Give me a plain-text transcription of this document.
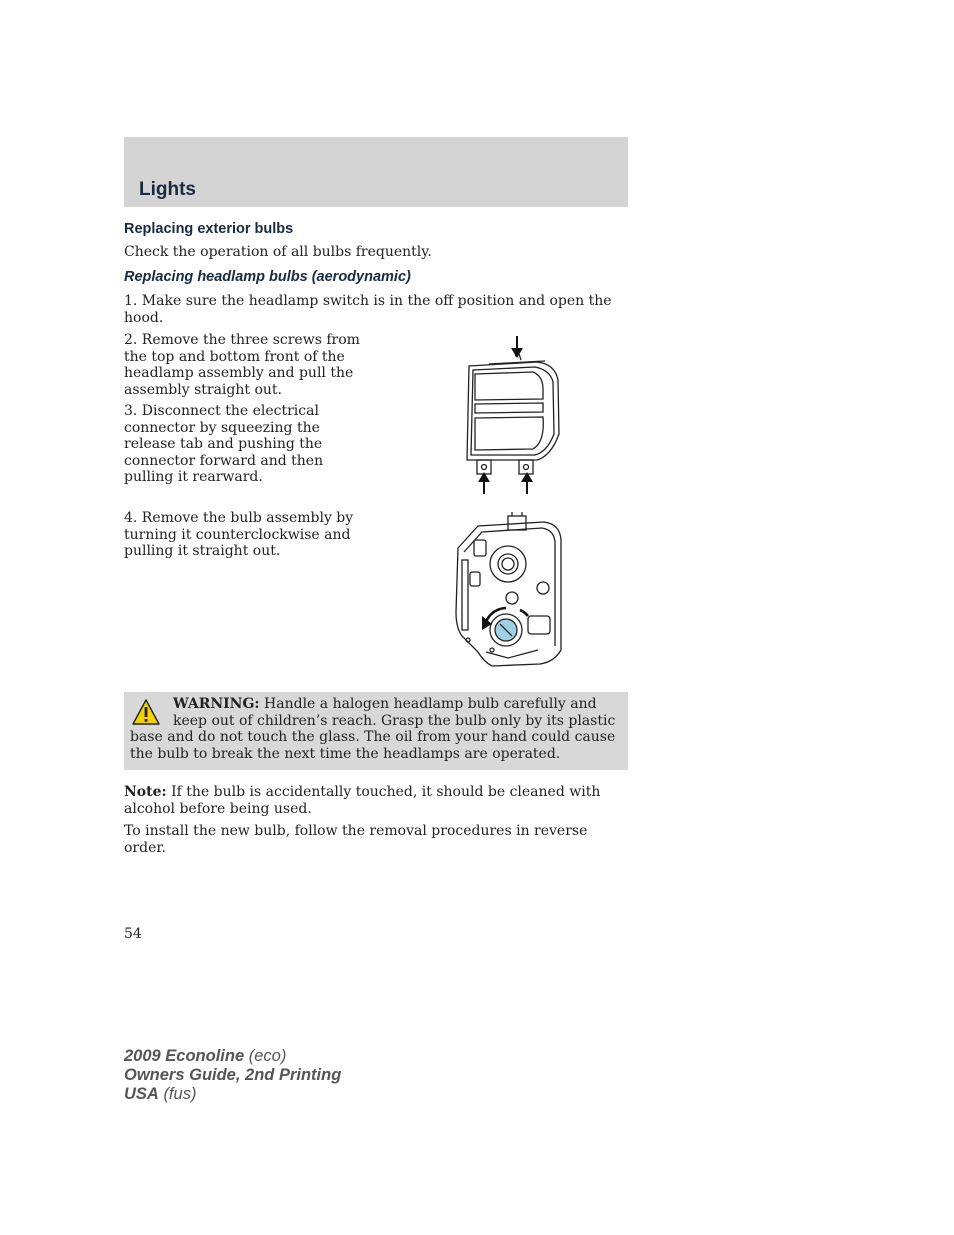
Lights
Replacing exterior bulbs
Check the operation of all bulbs frequently.
Replacing headlamp bulbs (aerodynamic)
1. Make sure the headlamp switch is in the off position and open the hood.
2. Remove the three screws from the top and bottom front of the headlamp assembly and pull the assembly straight out.
3. Disconnect the electrical connector by squeezing the release tab and pushing the connector forward and then pulling it rearward.
4. Remove the bulb assembly by turning it counterclockwise and pulling it straight out.
WARNING: Handle a halogen headlamp bulb carefully and keep out of children’s reach. Grasp the bulb only by its plastic base and do not touch the glass. The oil from your hand could cause the bulb to break the next time the headlamps are operated.
Note: If the bulb is accidentally touched, it should be cleaned with alcohol before being used.
To install the new bulb, follow the removal procedures in reverse order.
54
2009 Econoline (eco)
Owners Guide, 2nd Printing
USA (fus)
